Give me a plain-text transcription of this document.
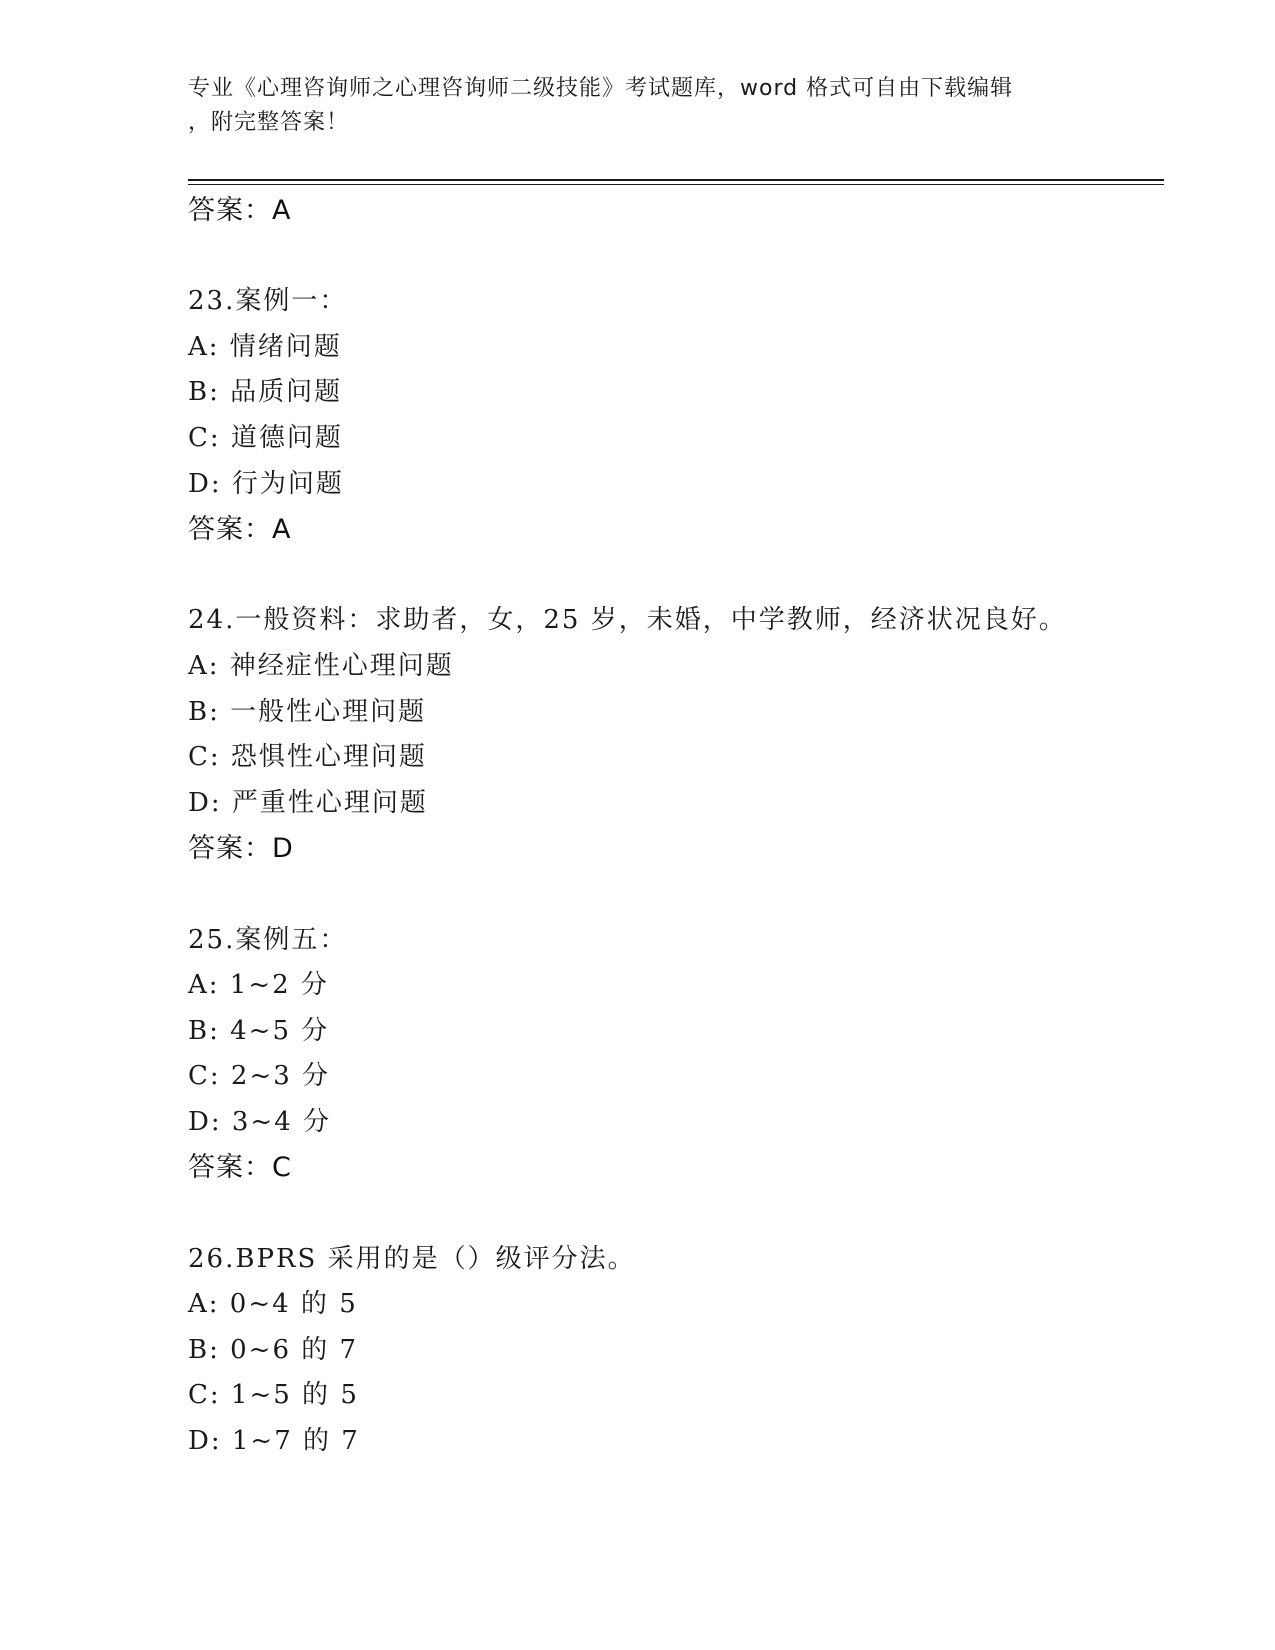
专业《心理咨询师之心理咨询师二级技能》考试题库，word 格式可自由下载编辑
，附完整答案！
答案：A
23.案例一：
A: 情绪问题
B: 品质问题
C: 道德问题
D: 行为问题
答案：A
24.一般资料：求助者，女，25 岁，未婚，中学教师，经济状况良好。
A: 神经症性心理问题
B: 一般性心理问题
C: 恐惧性心理问题
D: 严重性心理问题
答案：D
25.案例五：
A: 1~2 分
B: 4~5 分
C: 2~3 分
D: 3~4 分
答案：C
26.BPRS 采用的是（）级评分法。
A: 0~4 的 5
B: 0~6 的 7
C: 1~5 的 5
D: 1~7 的 7
